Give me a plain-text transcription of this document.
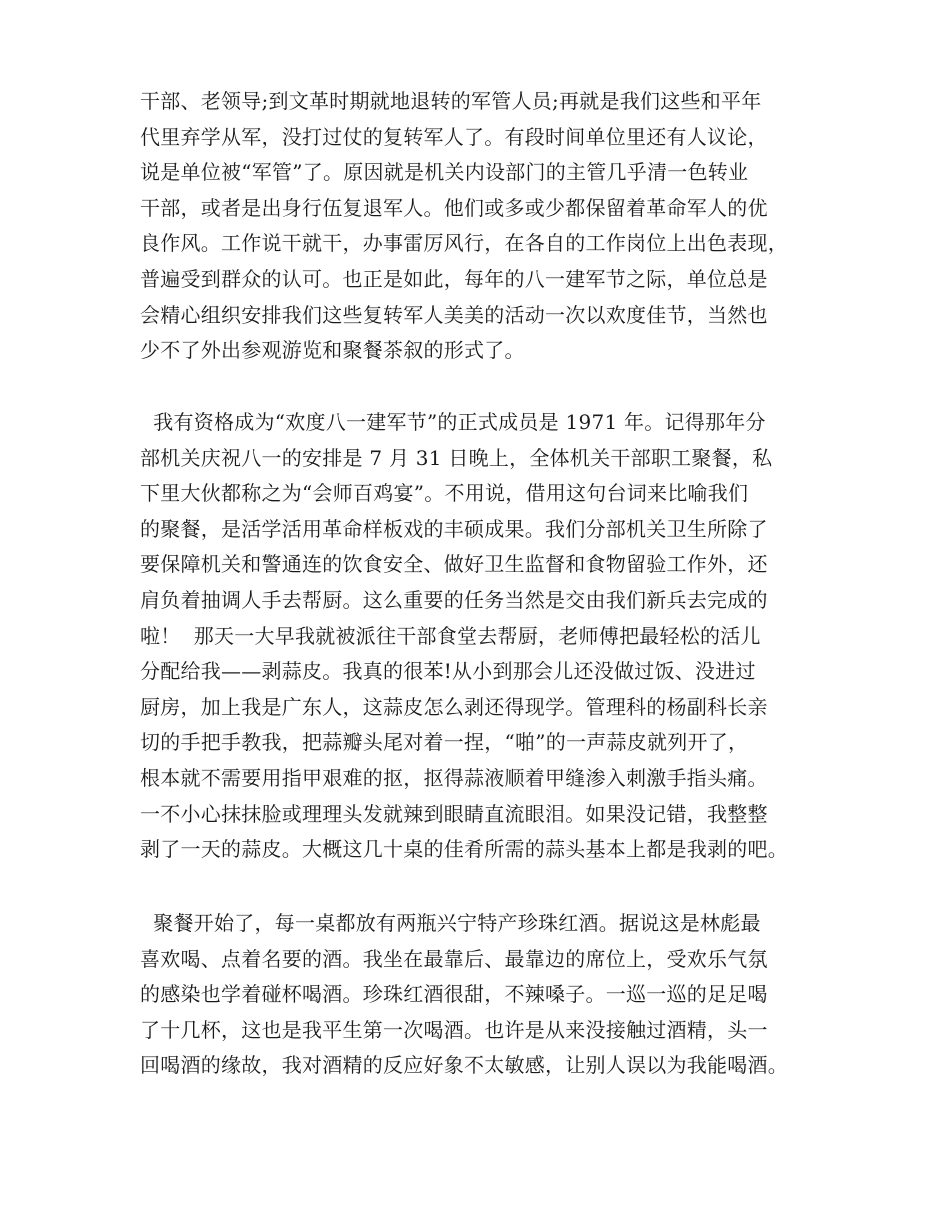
干部、老领导;到文革时期就地退转的军管人员;再就是我们这些和平年
代里弃学从军，没打过仗的复转军人了。有段时间单位里还有人议论，
说是单位被“军管”了。原因就是机关内设部门的主管几乎清一色转业
干部，或者是出身行伍复退军人。他们或多或少都保留着革命军人的优
良作风。工作说干就干，办事雷厉风行，在各自的工作岗位上出色表现，
普遍受到群众的认可。也正是如此，每年的八一建军节之际，单位总是
会精心组织安排我们这些复转军人美美的活动一次以欢度佳节，当然也
少不了外出参观游览和聚餐茶叙的形式了。
我有资格成为“欢度八一建军节”的正式成员是 1971 年。记得那年分
部机关庆祝八一的安排是 7 月 31 日晚上，全体机关干部职工聚餐，私
下里大伙都称之为“会师百鸡宴”。不用说，借用这句台词来比喻我们
的聚餐，是活学活用革命样板戏的丰硕成果。我们分部机关卫生所除了
要保障机关和警通连的饮食安全、做好卫生监督和食物留验工作外，还
肩负着抽调人手去帮厨。这么重要的任务当然是交由我们新兵去完成的
啦！  那天一大早我就被派往干部食堂去帮厨，老师傅把最轻松的活儿
分配给我——剥蒜皮。我真的很苯!从小到那会儿还没做过饭、没进过
厨房，加上我是广东人，这蒜皮怎么剥还得现学。管理科的杨副科长亲
切的手把手教我，把蒜瓣头尾对着一捏，“啪”的一声蒜皮就列开了，
根本就不需要用指甲艰难的抠，抠得蒜液顺着甲缝渗入刺激手指头痛。
一不小心抹抹脸或理理头发就辣到眼睛直流眼泪。如果没记错，我整整
剥了一天的蒜皮。大概这几十桌的佳肴所需的蒜头基本上都是我剥的吧。
聚餐开始了，每一桌都放有两瓶兴宁特产珍珠红酒。据说这是林彪最
喜欢喝、点着名要的酒。我坐在最靠后、最靠边的席位上，受欢乐气氛
的感染也学着碰杯喝酒。珍珠红酒很甜，不辣嗓子。一巡一巡的足足喝
了十几杯，这也是我平生第一次喝酒。也许是从来没接触过酒精，头一
回喝酒的缘故，我对酒精的反应好象不太敏感，让别人误以为我能喝酒。
